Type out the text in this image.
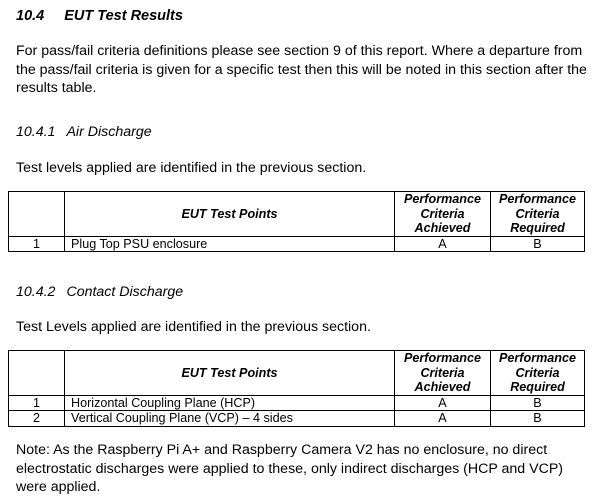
10.4 EUT Test Results
For pass/fail criteria definitions please see section 9 of this report. Where a departure from the pass/fail criteria is given for a specific test then this will be noted in this section after the results table.
10.4.1 Air Discharge
Test levels applied are identified in the previous section.
	EUT Test Points	Performance Criteria Achieved	Performance Criteria Required
1	Plug Top PSU enclosure	A	B
10.4.2 Contact Discharge
Test Levels applied are identified in the previous section.
	EUT Test Points	Performance Criteria Achieved	Performance Criteria Required
1	Horizontal Coupling Plane (HCP)	A	B
2	Vertical Coupling Plane (VCP) – 4 sides	A	B
Note: As the Raspberry Pi A+ and Raspberry Camera V2 has no enclosure, no direct electrostatic discharges were applied to these, only indirect discharges (HCP and VCP) were applied.
